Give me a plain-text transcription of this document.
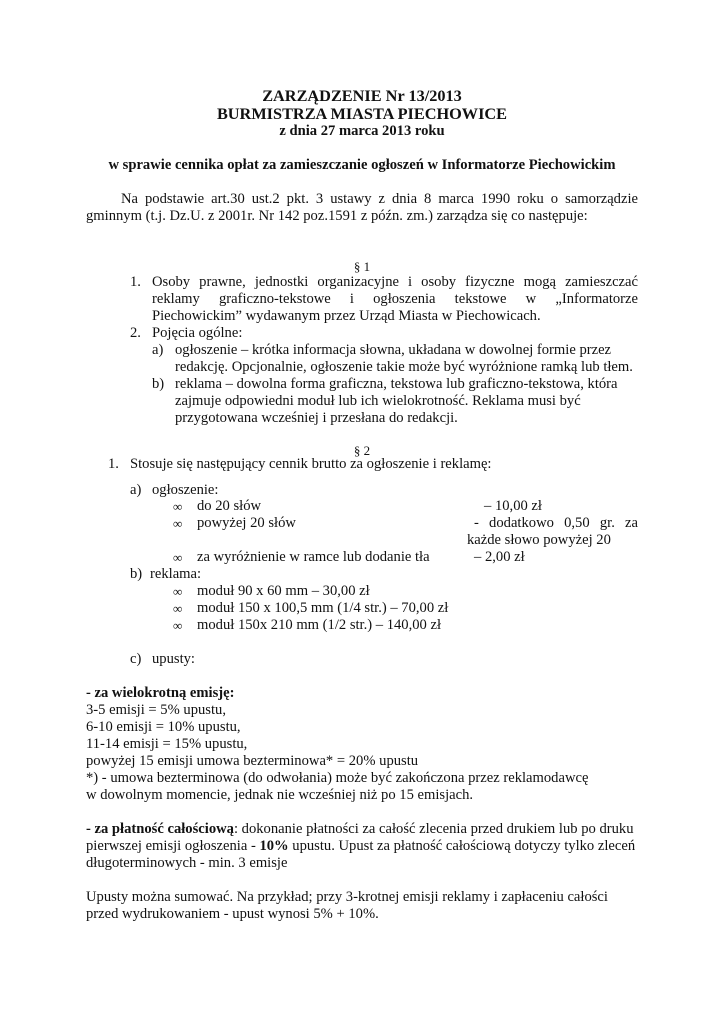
ZARZĄDZENIE Nr 13/2013
BURMISTRZA MIASTA PIECHOWICE
z dnia 27 marca 2013 roku
w sprawie cennika opłat za zamieszczanie ogłoszeń w Informatorze Piechowickim
Na podstawie art.30 ust.2 pkt. 3 ustawy z dnia 8 marca 1990 roku o samorządzie
gminnym (t.j. Dz.U. z 2001r. Nr 142 poz.1591 z późn. zm.) zarządza się co następuje:
§ 1
1. Osoby prawne, jednostki organizacyjne i osoby fizyczne mogą zamieszczać
reklamy graficzno-tekstowe i ogłoszenia tekstowe w „Informatorze
Piechowickim” wydawanym przez Urząd Miasta w Piechowicach.
2. Pojęcia ogólne:
a) ogłoszenie – krótka informacja słowna, układana w dowolnej formie przez
redakcję. Opcjonalnie, ogłoszenie takie może być wyróżnione ramką lub tłem.
b) reklama – dowolna forma graficzna, tekstowa lub graficzno-tekstowa, która
zajmuje odpowiedni moduł lub ich wielokrotność. Reklama musi być
przygotowana wcześniej i przesłana do redakcji.
§ 2
1. Stosuje się następujący cennik brutto za ogłoszenie i reklamę:
a) ogłoszenie:
∞ do 20 słów	– 10,00 zł
∞ powyżej 20 słów	- dodatkowo 0,50 gr. za
każde słowo powyżej 20
∞ za wyróżnienie w ramce lub dodanie tła	– 2,00 zł
b) reklama:
∞ moduł 90 x 60 mm – 30,00 zł
∞ moduł 150 x 100,5 mm (1/4 str.) – 70,00 zł
∞ moduł 150x 210 mm (1/2 str.) – 140,00 zł
c) upusty:
- za wielokrotną emisję:
3-5 emisji = 5% upustu,
6-10 emisji = 10% upustu,
11-14 emisji = 15% upustu,
powyżej 15 emisji umowa bezterminowa* = 20% upustu
*) - umowa bezterminowa (do odwołania) może być zakończona przez reklamodawcę
w dowolnym momencie, jednak nie wcześniej niż po 15 emisjach.
- za płatność całościową: dokonanie płatności za całość zlecenia przed drukiem lub po druku
pierwszej emisji ogłoszenia - 10% upustu. Upust za płatność całościową dotyczy tylko zleceń
długoterminowych - min. 3 emisje
Upusty można sumować. Na przykład; przy 3-krotnej emisji reklamy i zapłaceniu całości
przed wydrukowaniem - upust wynosi 5% + 10%.
